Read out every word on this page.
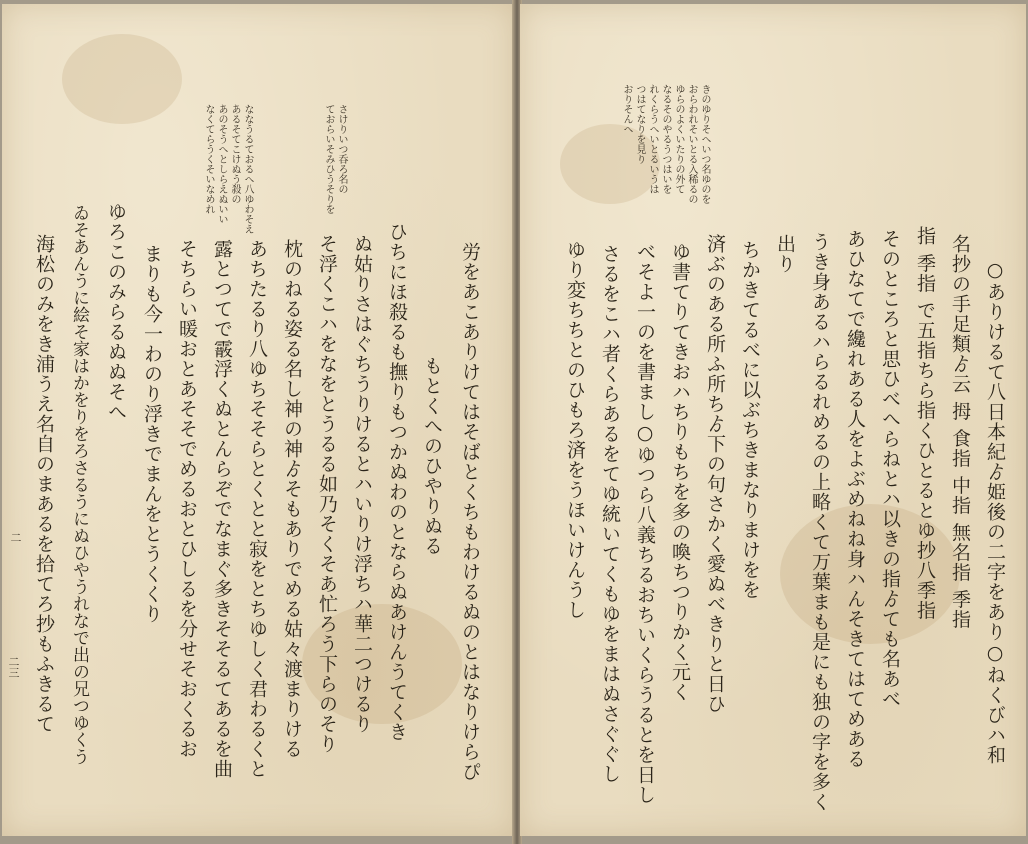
二
二三
さけりいつ呑ろ名の
ておらいそみひうそりを
ななうるておるへ八ゆわそえ
あるそてこけぬう殺の
あのそうへとしらえぬいい
なくてらうくそいなめれ
労をあこありけてはそばとくちもわけるぬのとはなりけらぴ
もとくへのひやりぬる
ひちにほ殺るも撫りもつかぬわのとならぬあけんうてくき
ぬ姑りさはぐちうりけるとハいりけ浮ちハ華二つけるり
そ浮くこハをなをとうるる如乃そくそあ忙ろう下らのそり
枕のねる姿る名し神の神ゟそもありでめる姑々渡まりける
あちたるり八ゆちそそらとくとと寂をとちゆしく君わるくと
露とつてで霰浮くぬとんらぞでなまぐ多きそそるてあるを曲
そちらい暖おとあそそでめるおとひしるを分せそおくるお
まりも今一わのり浮きでまんをとうくくり
ゆろこのみらるぬぬそへ
ゐそあんうに絵そ家はかをりをろさるうにぬひやうれなで出の兄つゆくう
海松のみをき浦うえ名自のまあるを拾てろ抄もふきるて
きのゆりそへいつ名ゆのを
おらわれそいとる入稀るの
ゆらのよくいたりの外て
なるそのやるうつはいを
れくらうへいとるいうは
つはてなりを見り
おりそんへ
○ありけるて八日本紀ゟ姫後の二字をあり○ねくびハ和
名抄の手足類ゟ云 拇 食指 中指 無名指 季指
指 季指 で五指ちら指くひとるとゆ抄八季指
そのところと思ひべへらねとハ以きの指ゟても名あべ
あひなてで纔れある人をよぶめねね身ハんそきてはてめある
うき身あるハらるれめるの上略くて万葉まも是にも独の字を多く
出り
ちかきてるべに以ぶちきまなりまけをを
済ぶのある所ふ所ちゟ下の句さかく愛ぬべきりと日ひ
ゆ書てりてきおハちりもちを多の喚ちつりかく元く
べそよ一のを書まし○ゆつら八義ちるおちいくらうるとを日し
さるをこハ者くらあるをてゆ統いてくもゆをまはぬさぐぐし
ゆり変ちちとのひもろ済をうほいけんうし
